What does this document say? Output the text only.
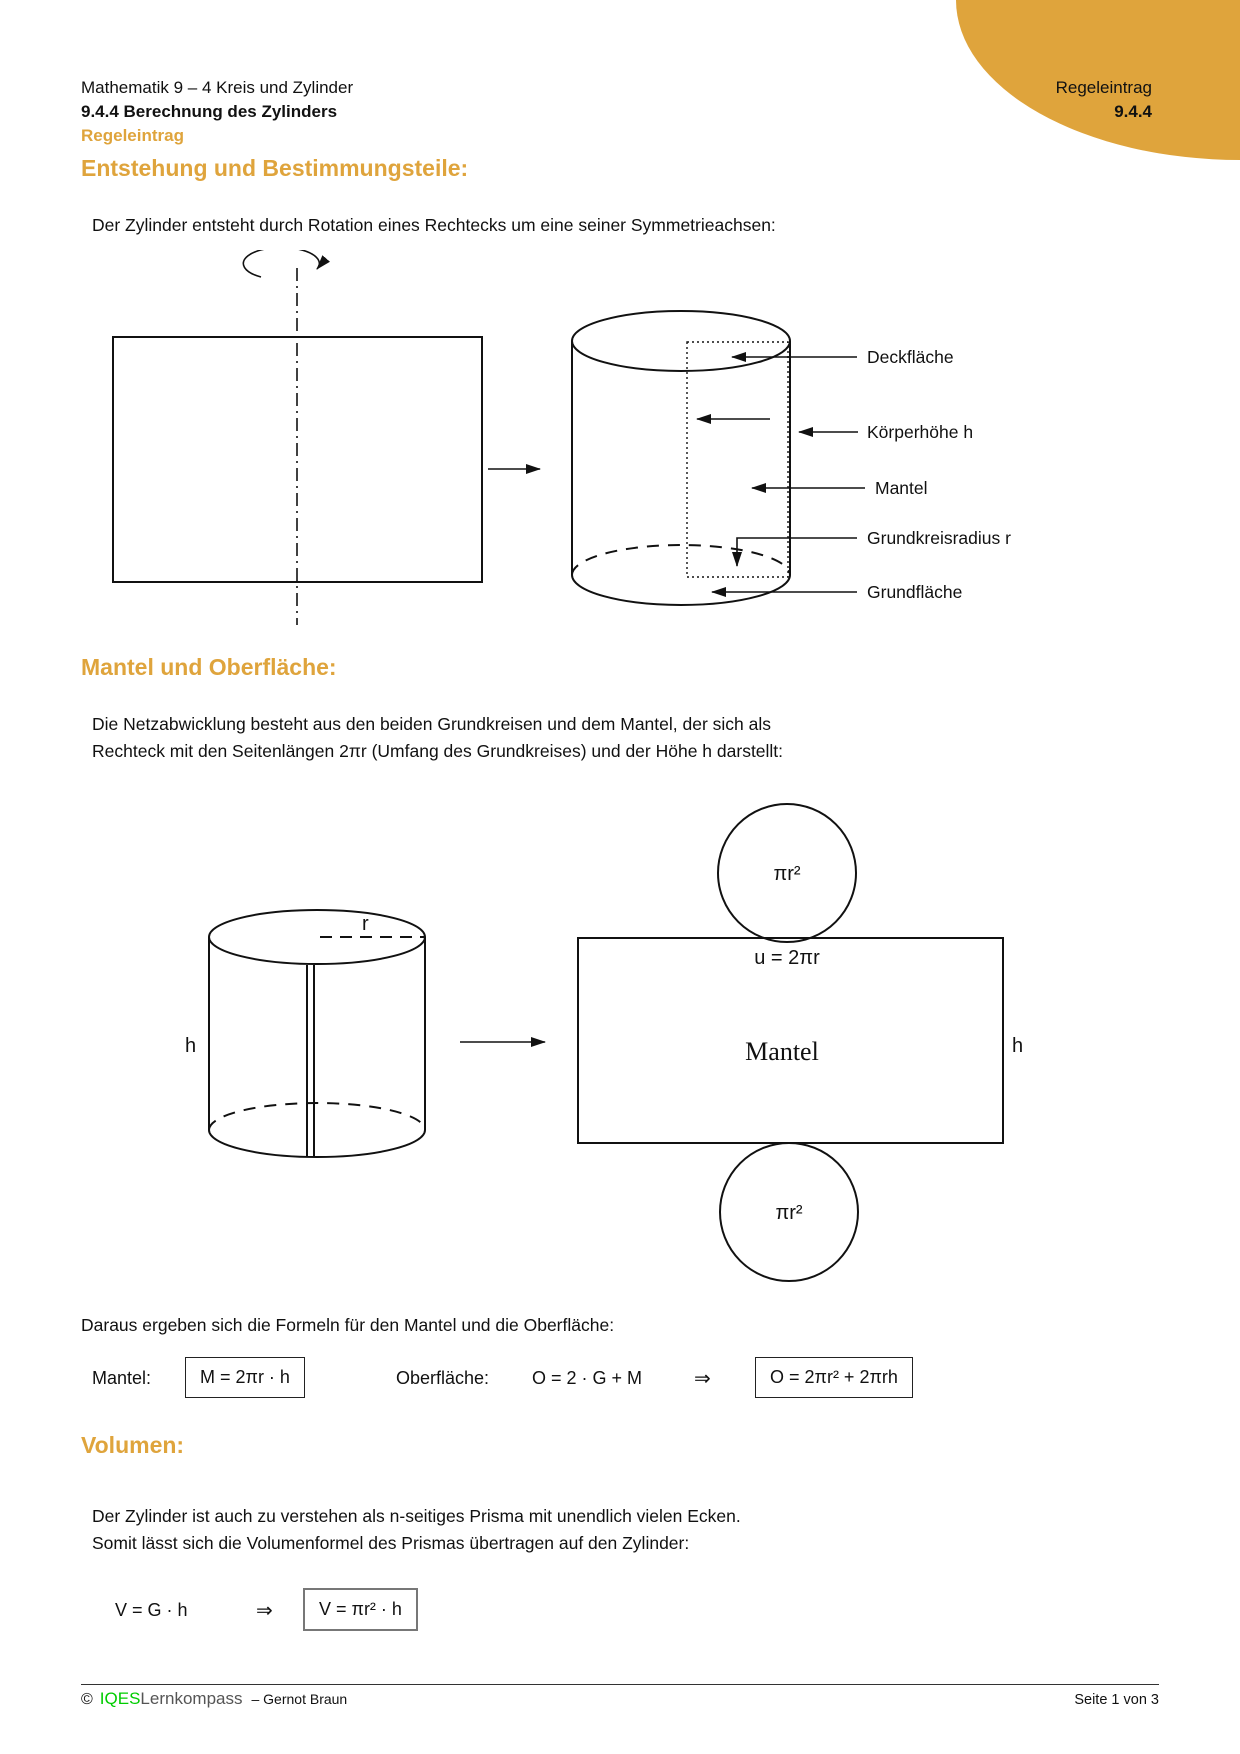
Regeleintrag
9.4.4
Mathematik 9 – 4 Kreis und Zylinder
9.4.4 Berechnung des Zylinders
Regeleintrag
Entstehung und Bestimmungsteile:
Der Zylinder entsteht durch Rotation eines Rechtecks um eine seiner Symmetrieachsen:
Deckfläche
Körperhöhe h
Mantel
Grundkreisradius r
Grundfläche
Mantel und Oberfläche:
Die Netzabwicklung besteht aus den beiden Grundkreisen und dem Mantel, der sich als
Rechteck mit den Seitenlängen 2πr (Umfang des Grundkreises) und der Höhe h darstellt:
r
h
πr²
u = 2πr
Mantel	h
πr²
Daraus ergeben sich die Formeln für den Mantel und die Oberfläche:
Mantel:	M = 2πr · h	Oberfläche: O = 2 · G + M	⇒	O = 2πr² + 2πrh
Volumen:
Der Zylinder ist auch zu verstehen als n-seitiges Prisma mit unendlich vielen Ecken.
Somit lässt sich die Volumenformel des Prismas übertragen auf den Zylinder:
V = G · h	⇒	V = πr² · h
© IQESLernkompass – Gernot Braun	Seite 1 von 3
